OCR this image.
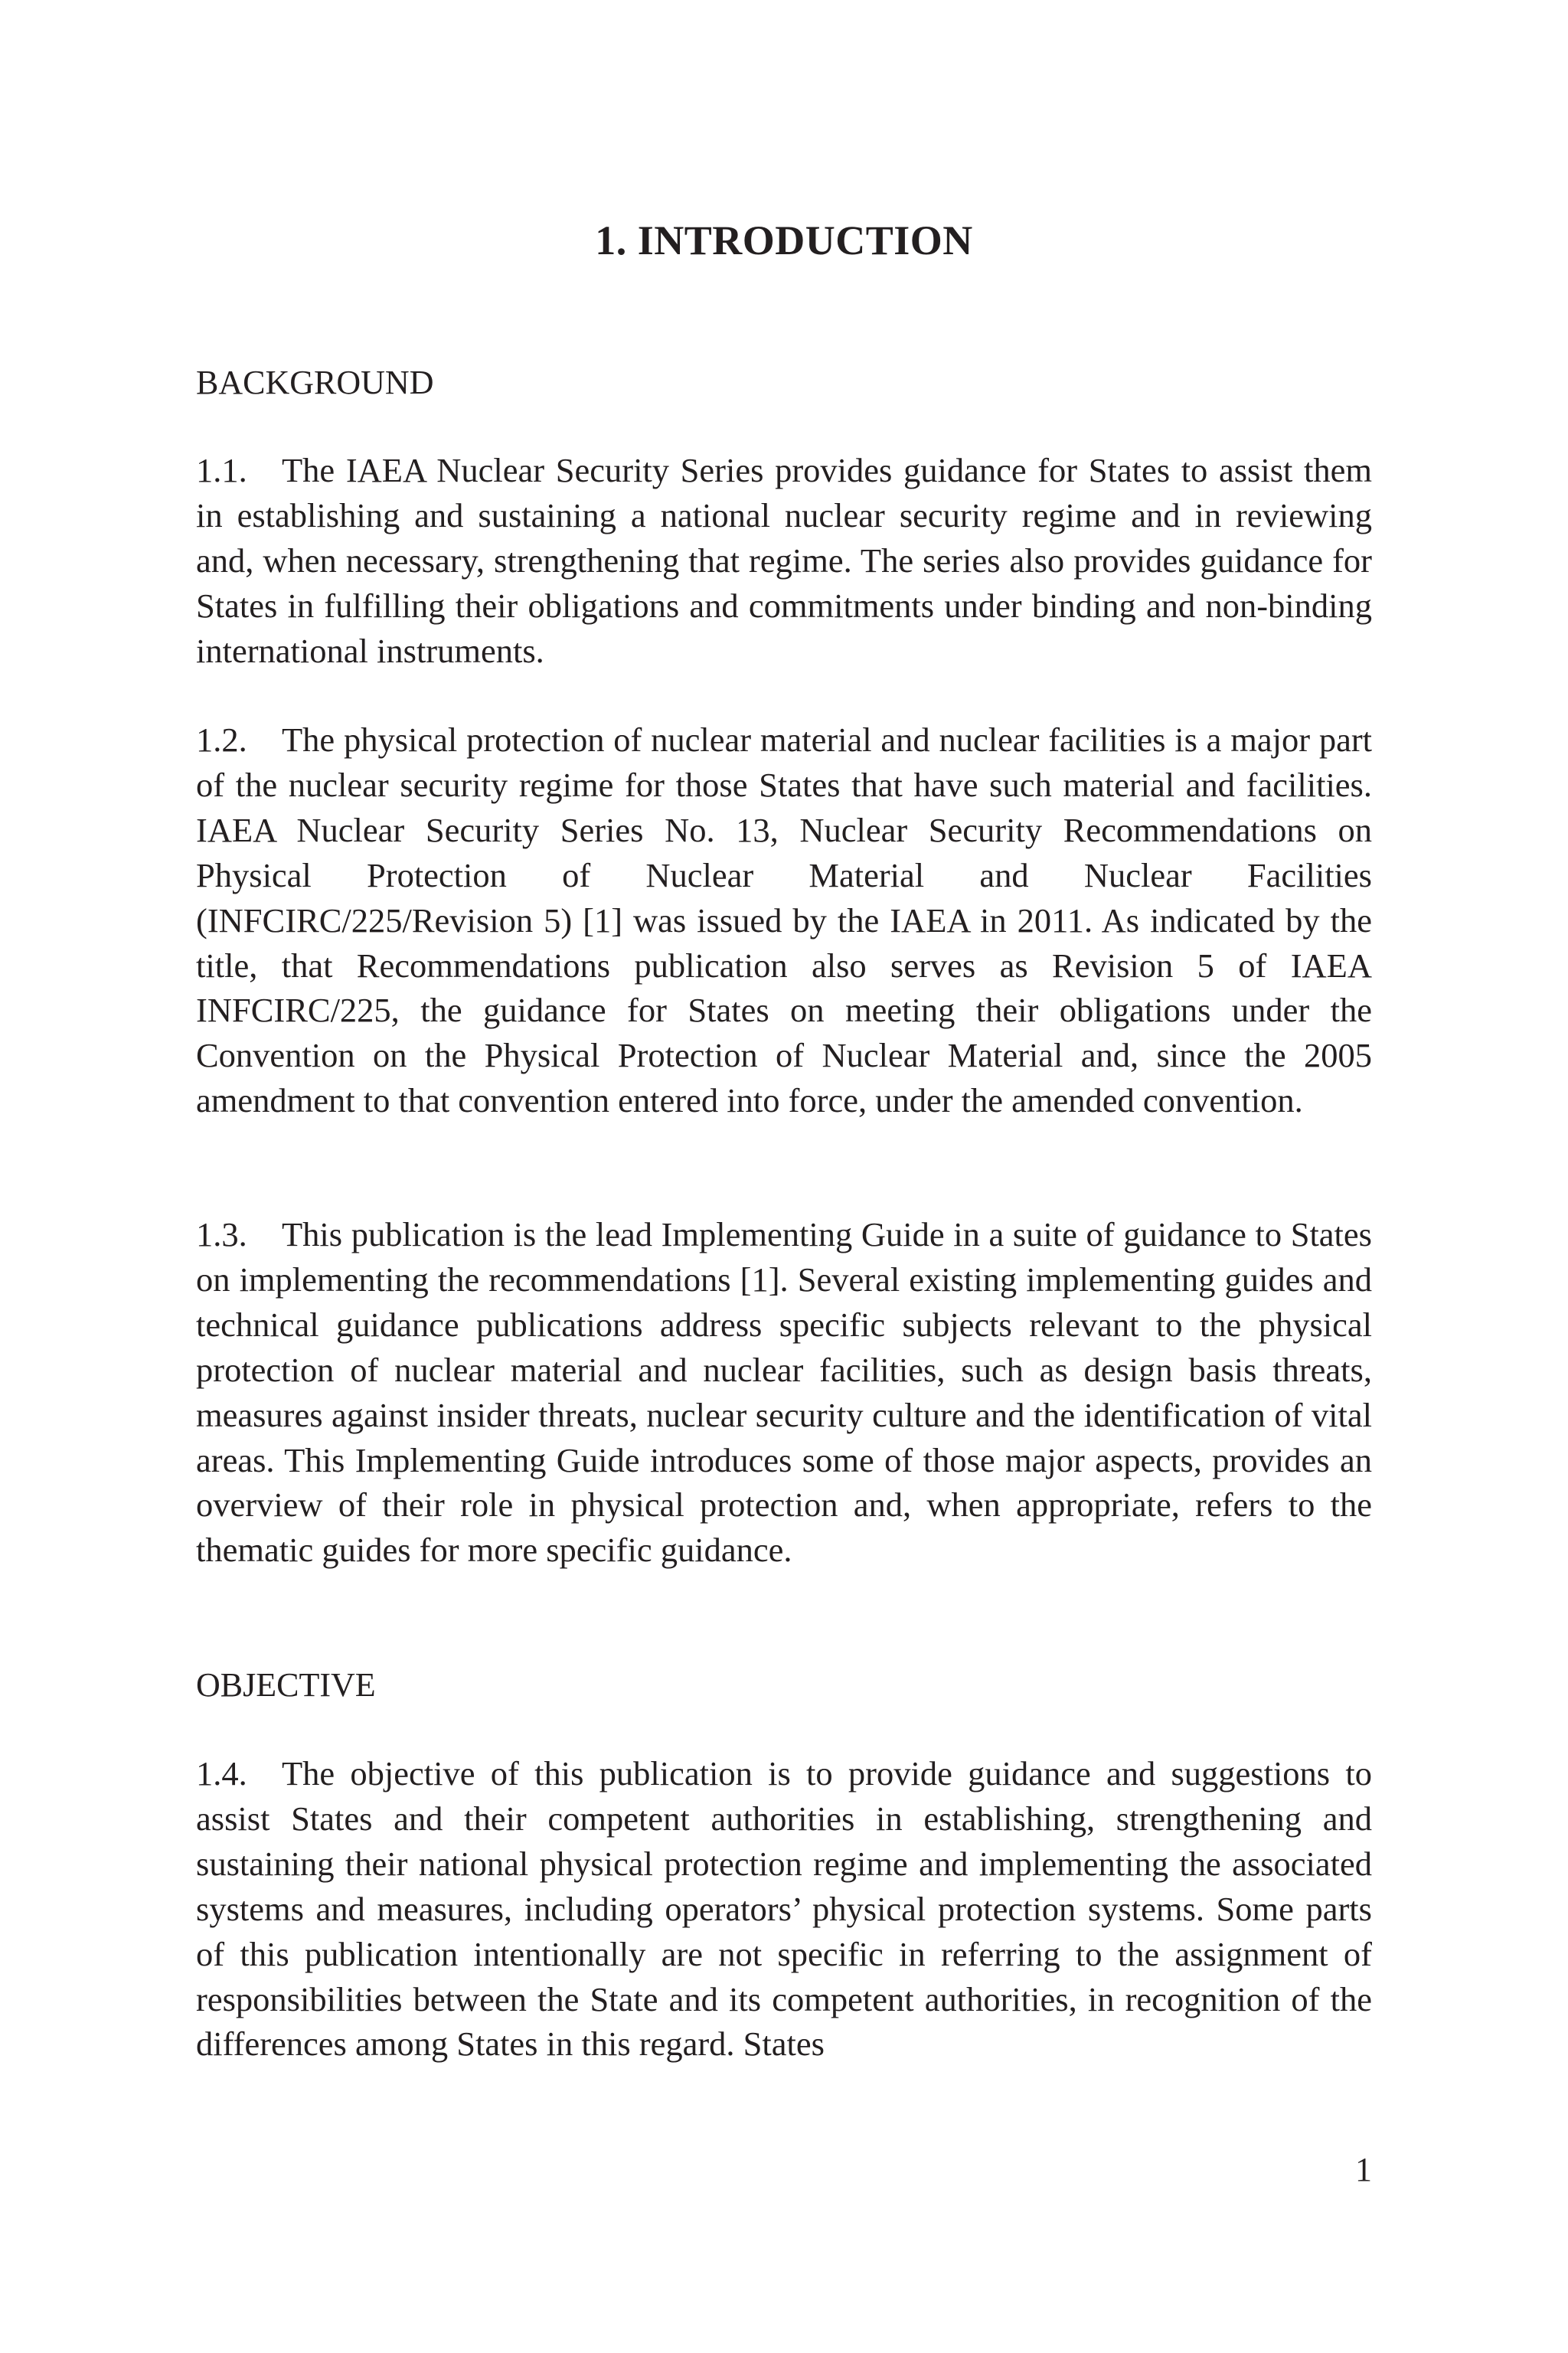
1. INTRODUCTION
BACKGROUND

1.1. The IAEA Nuclear Security Series provides guidance for States to assist them in establishing and sustaining a national nuclear security regime and in reviewing and, when necessary, strengthening that regime. The series also provides guidance for States in fulfilling their obligations and commitments under binding and non-binding international instruments.

1.2. The physical protection of nuclear material and nuclear facilities is a major part of the nuclear security regime for those States that have such material and facilities. IAEA Nuclear Security Series No. 13, Nuclear Security Recommendations on Physical Protection of Nuclear Material and Nuclear Facilities (INFCIRC/225/Revision 5) [1] was issued by the IAEA in 2011. As indicated by the title, that Recommendations publication also serves as Revision 5 of IAEA INFCIRC/225, the guidance for States on meeting their obligations under the Convention on the Physical Protection of Nuclear Material and, since the 2005 amendment to that convention entered into force, under the amended convention.

1.3. This publication is the lead Implementing Guide in a suite of guidance to States on implementing the recommendations [1]. Several existing implementing guides and technical guidance publications address specific subjects relevant to the physical protection of nuclear material and nuclear facilities, such as design basis threats, measures against insider threats, nuclear security culture and the identification of vital areas. This Implementing Guide introduces some of those major aspects, provides an overview of their role in physical protection and, when appropriate, refers to the thematic guides for more specific guidance.

OBJECTIVE

1.4. The objective of this publication is to provide guidance and suggestions to assist States and their competent authorities in establishing, strengthening and sustaining their national physical protection regime and implementing the associated systems and measures, including operators’ physical protection systems. Some parts of this publication intentionally are not specific in referring to the assignment of responsibilities between the State and its competent authorities, in recognition of the differences among States in this regard. States

1
